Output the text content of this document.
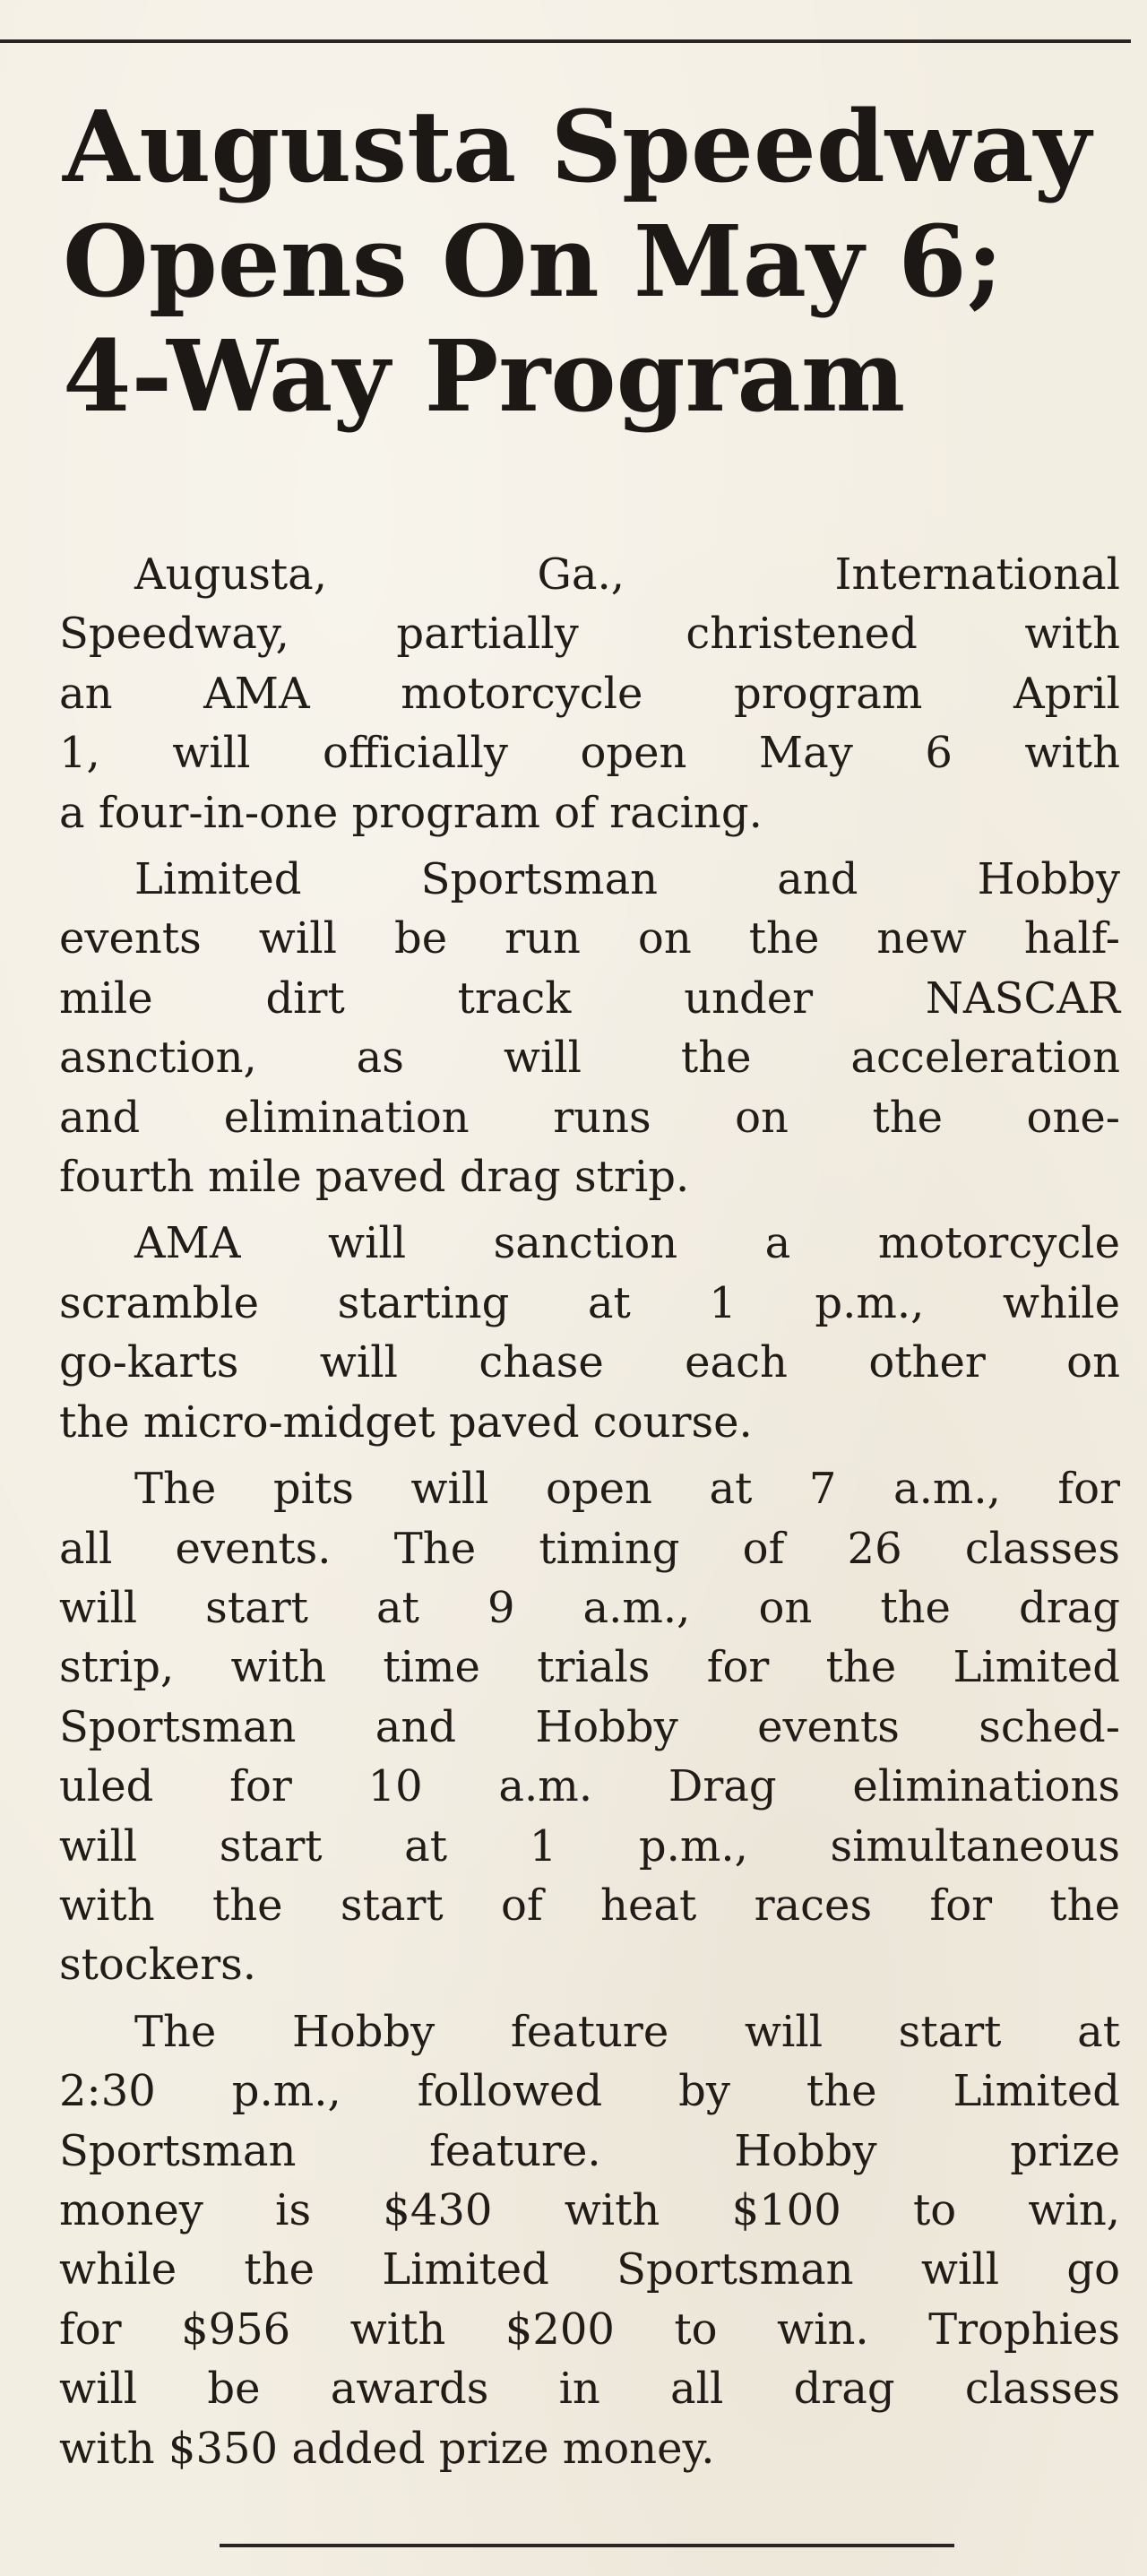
Augusta Speedway
Opens On May 6;
4-Way Program

Augusta, Ga., International
Speedway, partially christened with
an AMA motorcycle program April
1, will officially open May 6 with
a four-in-one program of racing.

Limited Sportsman and Hobby
events will be run on the new half-
mile dirt track under NASCAR
asnction, as will the acceleration
and elimination runs on the one-
fourth mile paved drag strip.

AMA will sanction a motorcycle
scramble starting at 1 p.m., while
go-karts will chase each other on
the micro-midget paved course.

The pits will open at 7 a.m., for
all events. The timing of 26 classes
will start at 9 a.m., on the drag
strip, with time trials for the Limited
Sportsman and Hobby events sched-
uled for 10 a.m. Drag eliminations
will start at 1 p.m., simultaneous
with the start of heat races for the
stockers.

The Hobby feature will start at
2:30 p.m., followed by the Limited
Sportsman feature. Hobby prize
money is $430 with $100 to win,
while the Limited Sportsman will go
for $956 with $200 to win. Trophies
will be awards in all drag classes
with $350 added prize money.
